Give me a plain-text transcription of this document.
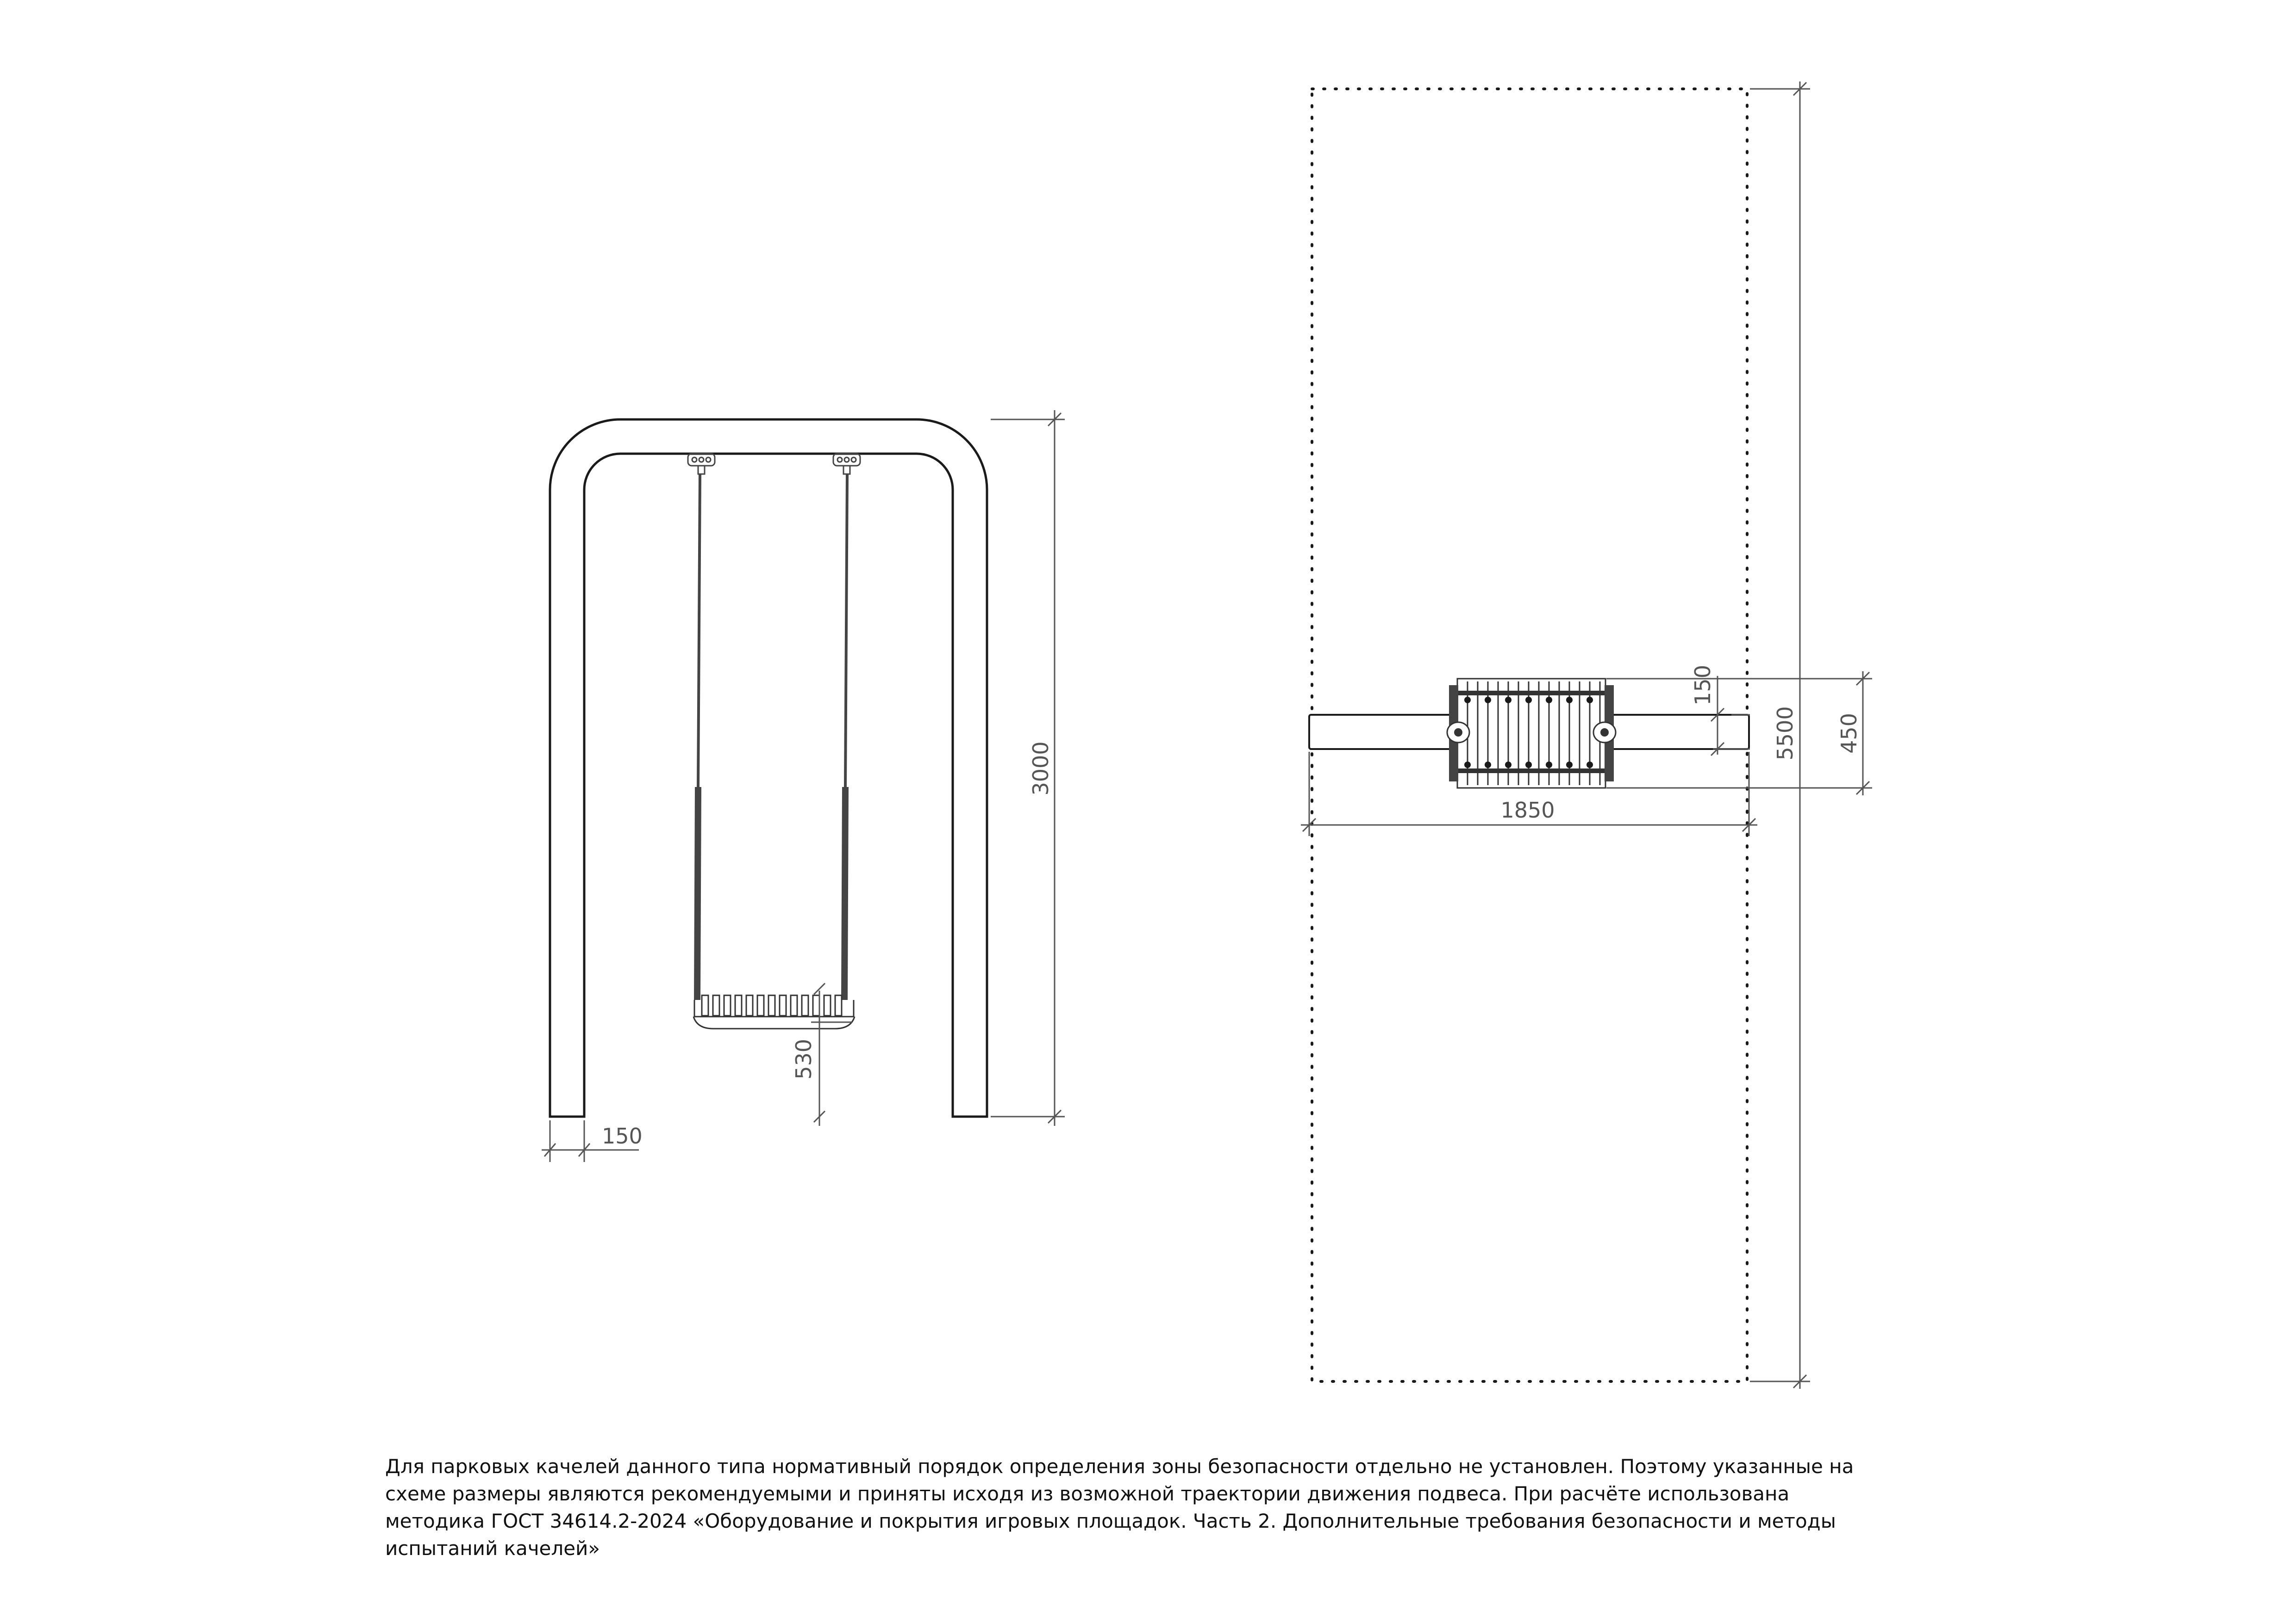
3000
150
530
5500 450
150
1850
Для парковых качелей данного типа нормативный порядок определения зоны безопасности отдельно не установлен. Поэтому указанные на
схеме размеры являются рекомендуемыми и приняты исходя из возможной траектории движения подвеса. При расчёте использована
методика ГОСТ 34614.2-2024 «Оборудование и покрытия игровых площадок. Часть 2. Дополнительные требования безопасности и методы
испытаний качелей»
